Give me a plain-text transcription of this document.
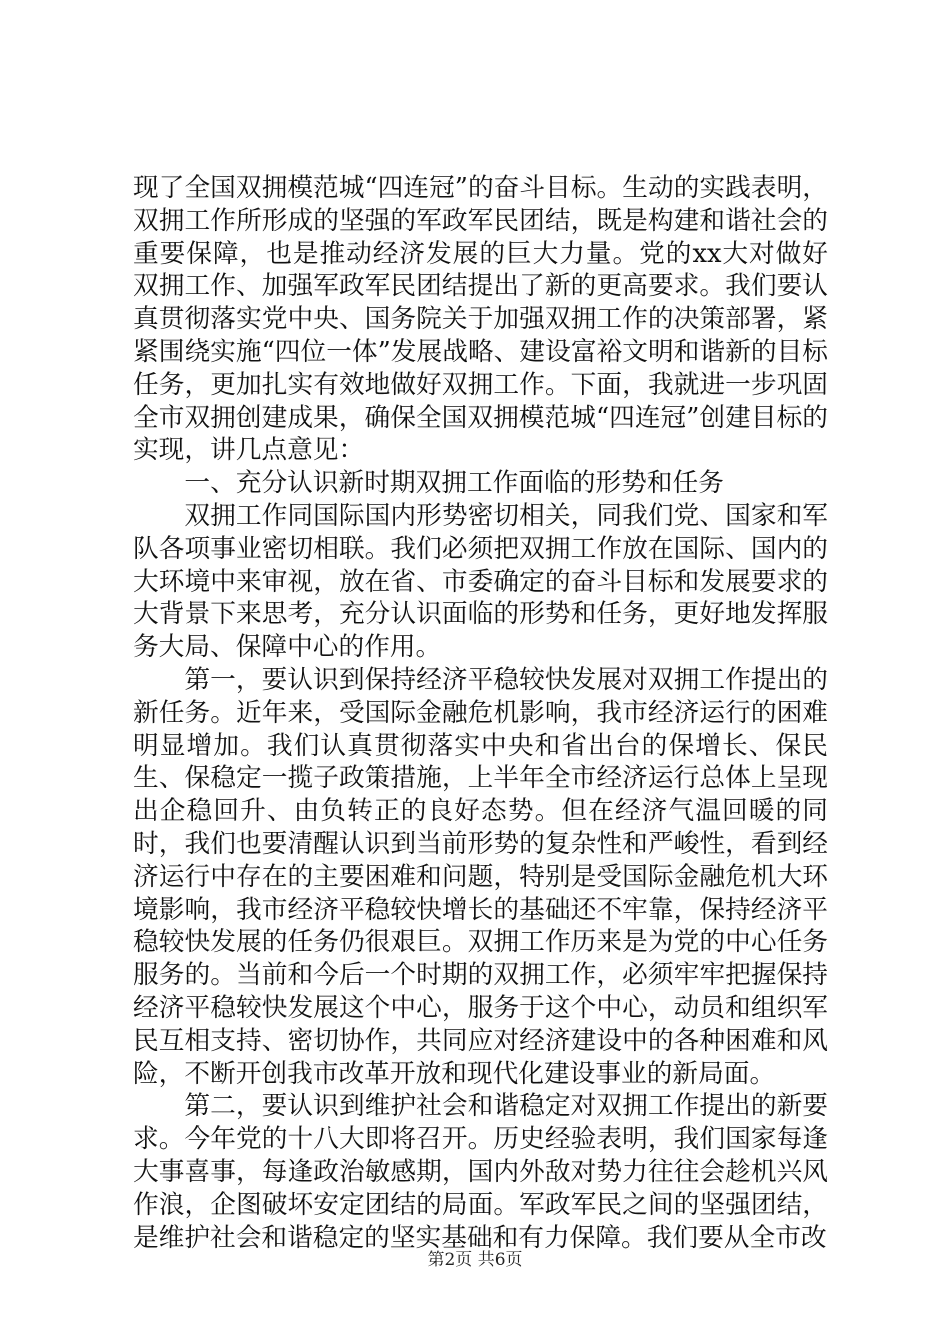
现了全国双拥模范城“四连冠”的奋斗目标。生动的实践表明，双拥工作所形成的坚强的军政军民团结，既是构建和谐社会的重要保障，也是推动经济发展的巨大力量。党的xx大对做好双拥工作、加强军政军民团结提出了新的更高要求。我们要认真贯彻落实党中央、国务院关于加强双拥工作的决策部署，紧紧围绕实施“四位一体”发展战略、建设富裕文明和谐新的目标任务，更加扎实有效地做好双拥工作。下面，我就进一步巩固全市双拥创建成果，确保全国双拥模范城“四连冠”创建目标的实现，讲几点意见：

一、充分认识新时期双拥工作面临的形势和任务

双拥工作同国际国内形势密切相关，同我们党、国家和军队各项事业密切相联。我们必须把双拥工作放在国际、国内的大环境中来审视，放在省、市委确定的奋斗目标和发展要求的大背景下来思考，充分认识面临的形势和任务，更好地发挥服务大局、保障中心的作用。

第一，要认识到保持经济平稳较快发展对双拥工作提出的新任务。近年来，受国际金融危机影响，我市经济运行的困难明显增加。我们认真贯彻落实中央和省出台的保增长、保民生、保稳定一揽子政策措施，上半年全市经济运行总体上呈现出企稳回升、由负转正的良好态势。但在经济气温回暖的同时，我们也要清醒认识到当前形势的复杂性和严峻性，看到经济运行中存在的主要困难和问题，特别是受国际金融危机大环境影响，我市经济平稳较快增长的基础还不牢靠，保持经济平稳较快发展的任务仍很艰巨。双拥工作历来是为党的中心任务服务的。当前和今后一个时期的双拥工作，必须牢牢把握保持经济平稳较快发展这个中心，服务于这个中心，动员和组织军民互相支持、密切协作，共同应对经济建设中的各种困难和风险，不断开创我市改革开放和现代化建设事业的新局面。

第二，要认识到维护社会和谐稳定对双拥工作提出的新要求。今年党的十八大即将召开。历史经验表明，我们国家每逢大事喜事，每逢政治敏感期，国内外敌对势力往往会趁机兴风作浪，企图破坏安定团结的局面。军政军民之间的坚强团结，是维护社会和谐稳定的坚实基础和有力保障。我们要从全市改

第2页 共6页
